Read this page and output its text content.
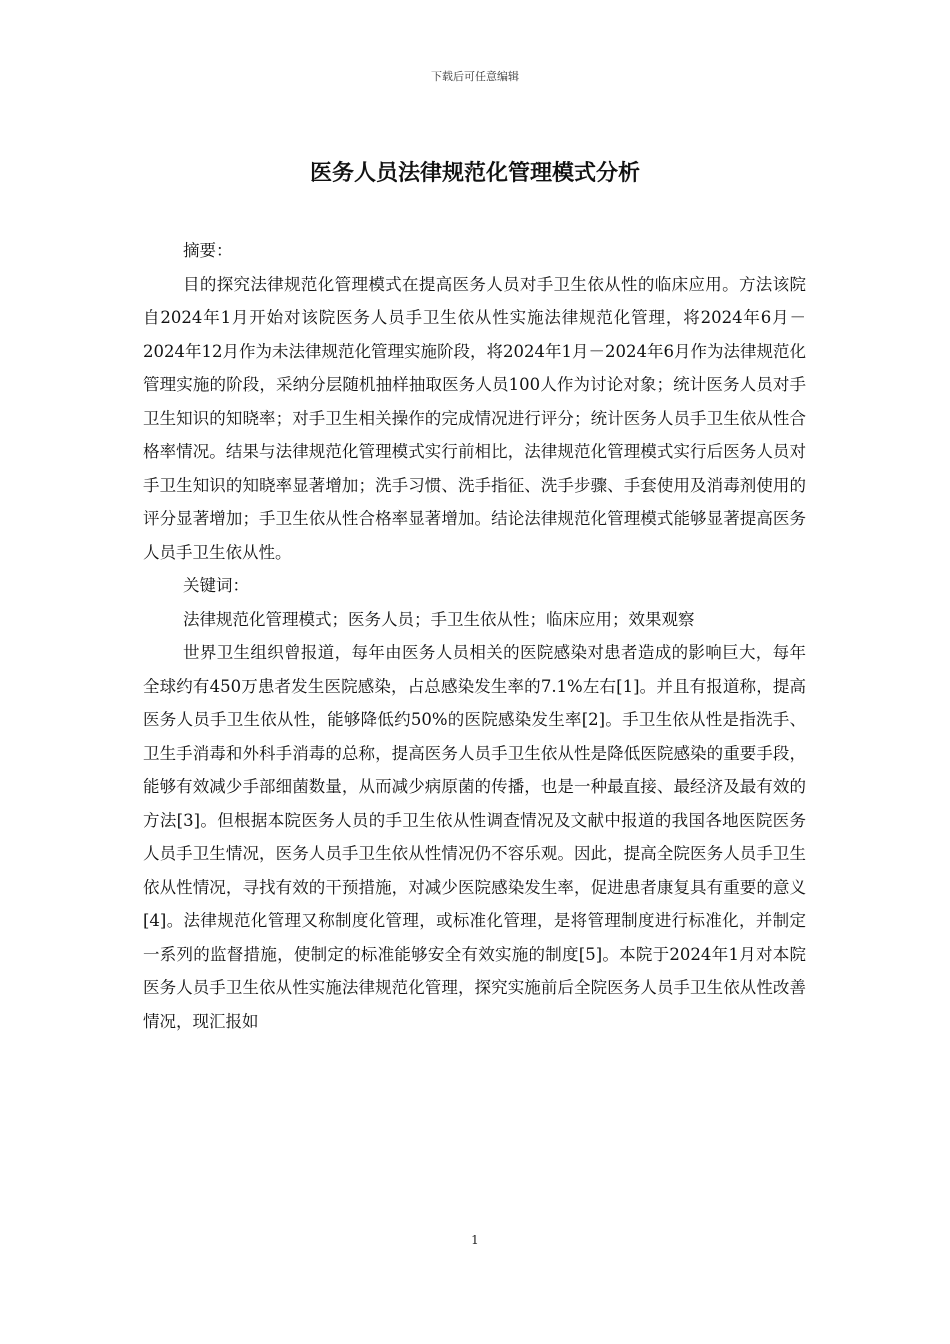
下载后可任意编辑
医务人员法律规范化管理模式分析

摘要：

目的探究法律规范化管理模式在提高医务人员对手卫生依从性的临床应用。方法该院自2024年1月开始对该院医务人员手卫生依从性实施法律规范化管理，将2024年6月－2024年12月作为未法律规范化管理实施阶段，将2024年1月－2024年6月作为法律规范化管理实施的阶段，采纳分层随机抽样抽取医务人员100人作为讨论对象；统计医务人员对手卫生知识的知晓率；对手卫生相关操作的完成情况进行评分；统计医务人员手卫生依从性合格率情况。结果与法律规范化管理模式实行前相比，法律规范化管理模式实行后医务人员对手卫生知识的知晓率显著增加；洗手习惯、洗手指征、洗手步骤、手套使用及消毒剂使用的评分显著增加；手卫生依从性合格率显著增加。结论法律规范化管理模式能够显著提高医务人员手卫生依从性。

关键词：

法律规范化管理模式；医务人员；手卫生依从性；临床应用；效果观察

世界卫生组织曾报道，每年由医务人员相关的医院感染对患者造成的影响巨大，每年全球约有450万患者发生医院感染，占总感染发生率的7.1%左右[1]。并且有报道称，提高医务人员手卫生依从性，能够降低约50%的医院感染发生率[2]。手卫生依从性是指洗手、卫生手消毒和外科手消毒的总称，提高医务人员手卫生依从性是降低医院感染的重要手段，能够有效减少手部细菌数量，从而减少病原菌的传播，也是一种最直接、最经济及最有效的方法[3]。但根据本院医务人员的手卫生依从性调查情况及文献中报道的我国各地医院医务人员手卫生情况，医务人员手卫生依从性情况仍不容乐观。因此，提高全院医务人员手卫生依从性情况，寻找有效的干预措施，对减少医院感染发生率，促进患者康复具有重要的意义[4]。法律规范化管理又称制度化管理，或标准化管理，是将管理制度进行标准化，并制定一系列的监督措施，使制定的标准能够安全有效实施的制度[5]。本院于2024年1月对本院医务人员手卫生依从性实施法律规范化管理，探究实施前后全院医务人员手卫生依从性改善情况，现汇报如

1
